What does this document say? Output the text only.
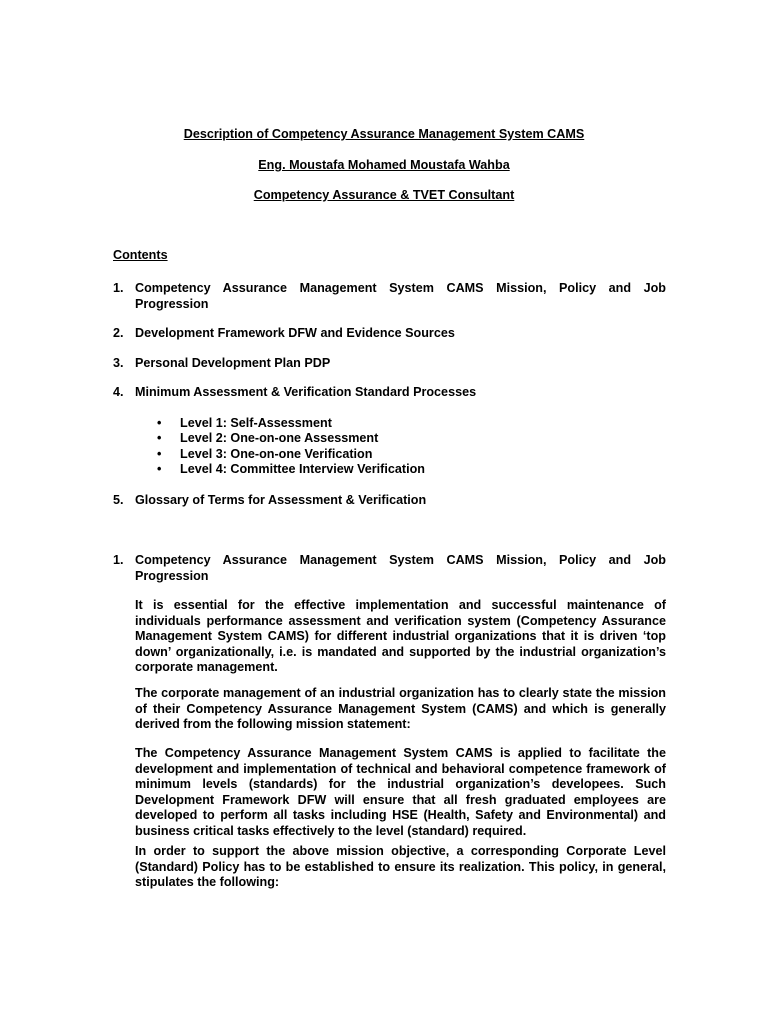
Description of Competency Assurance Management System CAMS
Eng. Moustafa Mohamed Moustafa Wahba
Competency Assurance & TVET Consultant
Contents
1. Competency Assurance Management System CAMS Mission, Policy and Job
Progression
2. Development Framework DFW and Evidence Sources
3. Personal Development Plan PDP
4. Minimum Assessment & Verification Standard Processes
• Level 1: Self-Assessment
• Level 2: One-on-one Assessment
• Level 3: One-on-one Verification
• Level 4: Committee Interview Verification
5. Glossary of Terms for Assessment & Verification
1. Competency Assurance Management System CAMS Mission, Policy and Job
Progression
It is essential for the effective implementation and successful maintenance of individuals performance assessment and verification system (Competency Assurance Management System CAMS) for different industrial organizations that it is driven ‘top down’ organizationally, i.e. is mandated and supported by the industrial organization’s corporate management.
The corporate management of an industrial organization has to clearly state the mission of their Competency Assurance Management System (CAMS) and which is generally derived from the following mission statement:
The Competency Assurance Management System CAMS is applied to facilitate the development and implementation of technical and behavioral competence framework of minimum levels (standards) for the industrial organization’s developees. Such Development Framework DFW will ensure that all fresh graduated employees are developed to perform all tasks including HSE (Health, Safety and Environmental) and business critical tasks effectively to the level (standard) required.
In order to support the above mission objective, a corresponding Corporate Level (Standard) Policy has to be established to ensure its realization. This policy, in general, stipulates the following:
